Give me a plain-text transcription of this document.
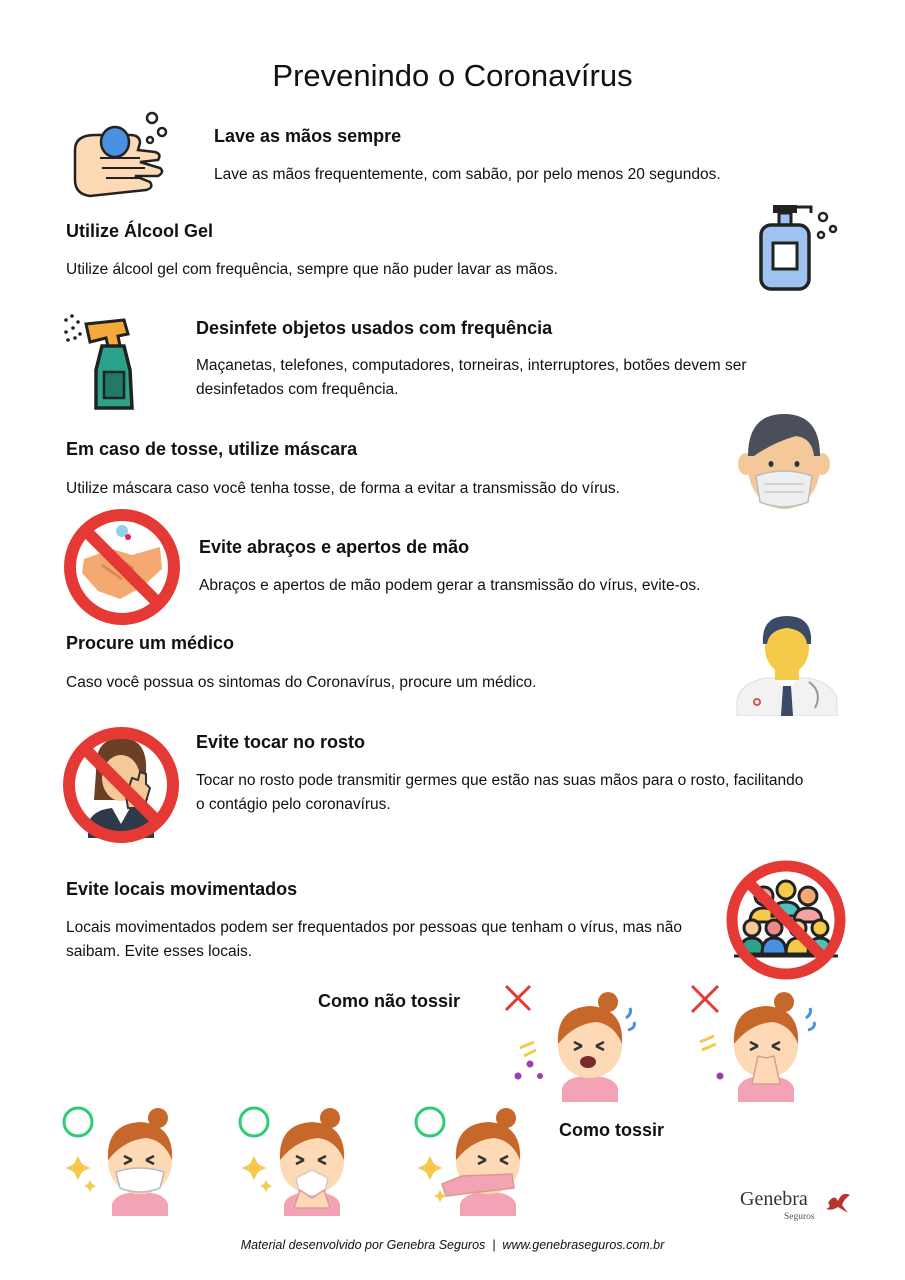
Prevenindo o Coronavírus
Lave as mãos sempre
Lave as mãos frequentemente, com sabão, por pelo menos 20 segundos.
Utilize Álcool Gel
Utilize álcool gel com frequência, sempre que não puder lavar as mãos.
Desinfete objetos usados com frequência
Maçanetas, telefones, computadores, torneiras, interruptores, botões devem ser desinfetados com frequência.
Em caso de tosse, utilize máscara
Utilize máscara caso você tenha tosse, de forma a evitar a transmissão do vírus.
Evite abraços e apertos de mão
Abraços e apertos de mão podem gerar a transmissão do vírus, evite-os.
Procure um médico
Caso você possua os sintomas do Coronavírus, procure um médico.
Evite tocar no rosto
Tocar no rosto pode transmitir germes que estão nas suas mãos para o rosto, facilitando o contágio pelo coronavírus.
Evite locais movimentados
Locais movimentados podem ser frequentados por pessoas que tenham o vírus, mas não saibam. Evite esses locais.
Como não tossir
Como tossir
Genebra
Seguros
Material desenvolvido por Genebra Seguros  |  www.genebraseguros.com.br
